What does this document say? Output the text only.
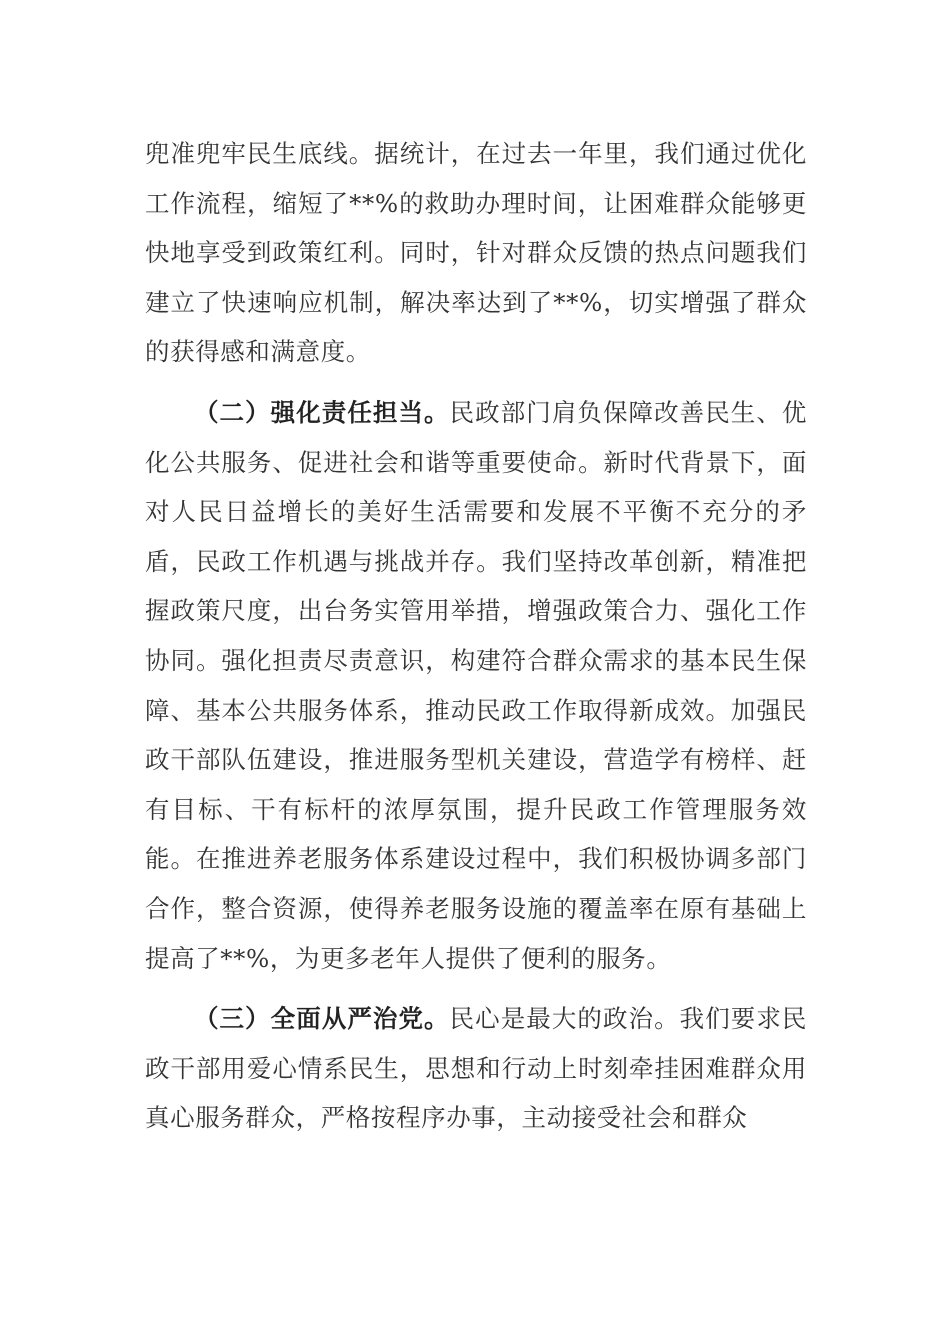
兜准兜牢民生底线。据统计，在过去一年里，我们通过优化工作流程，缩短了**%的救助办理时间，让困难群众能够更快地享受到政策红利。同时，针对群众反馈的热点问题我们建立了快速响应机制，解决率达到了**%，切实增强了群众的获得感和满意度。

（二）强化责任担当。民政部门肩负保障改善民生、优化公共服务、促进社会和谐等重要使命。新时代背景下，面对人民日益增长的美好生活需要和发展不平衡不充分的矛盾，民政工作机遇与挑战并存。我们坚持改革创新，精准把握政策尺度，出台务实管用举措，增强政策合力、强化工作协同。强化担责尽责意识，构建符合群众需求的基本民生保障、基本公共服务体系，推动民政工作取得新成效。加强民政干部队伍建设，推进服务型机关建设，营造学有榜样、赶有目标、干有标杆的浓厚氛围，提升民政工作管理服务效能。在推进养老服务体系建设过程中，我们积极协调多部门合作，整合资源，使得养老服务设施的覆盖率在原有基础上提高了**%，为更多老年人提供了便利的服务。

（三）全面从严治党。民心是最大的政治。我们要求民政干部用爱心情系民生，思想和行动上时刻牵挂困难群众用真心服务群众，严格按程序办事，主动接受社会和群众
